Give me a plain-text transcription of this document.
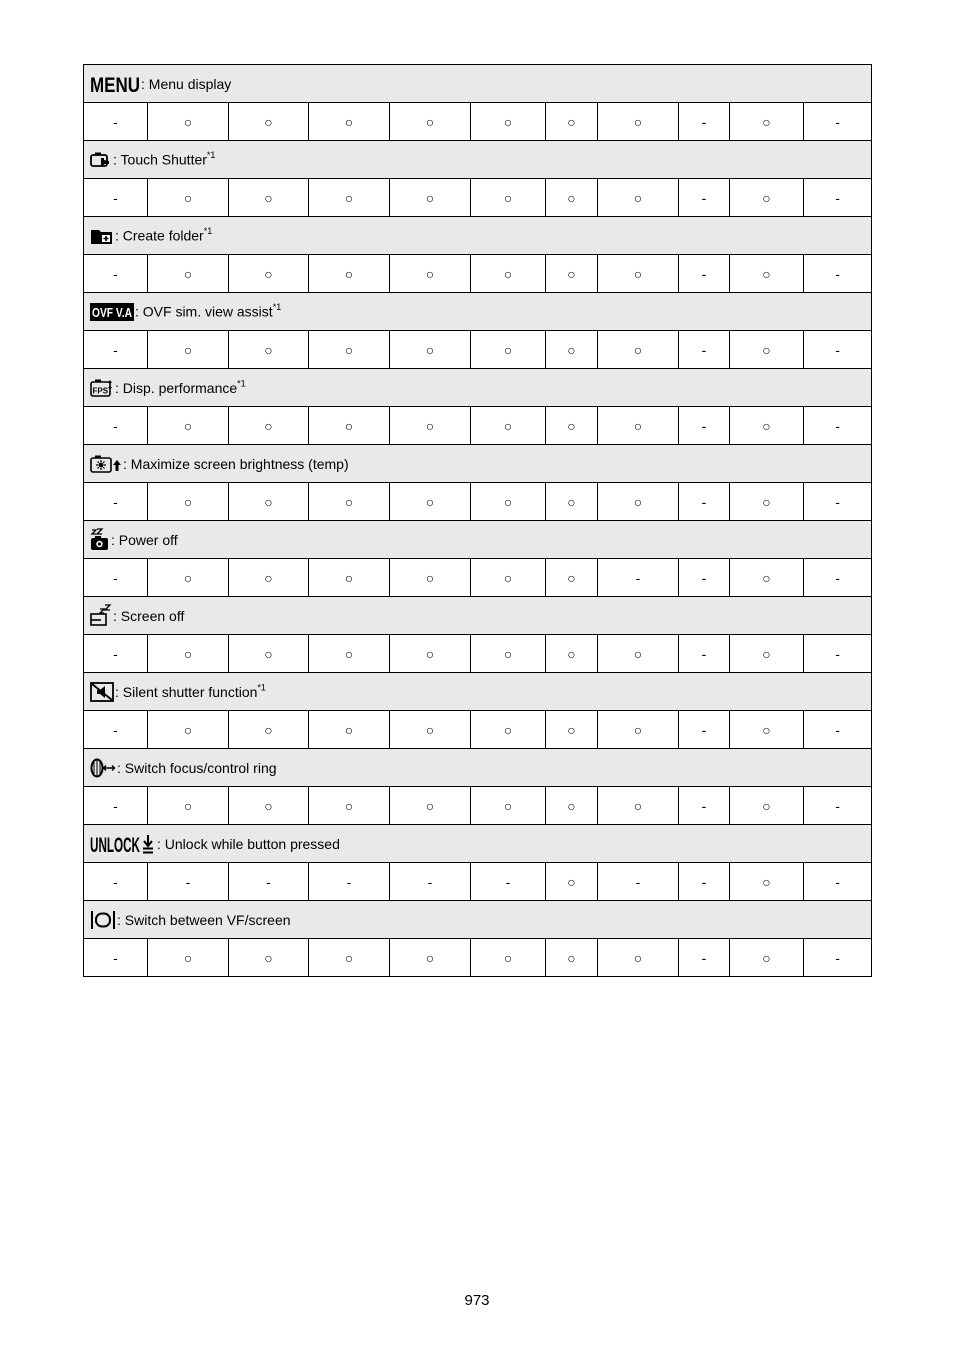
MENU : Menu display										
-	○	○	○	○	○	○	○	-	○	-

: Touch Shutter$^{*1}$
-	○	○	○	○	○	○	○	-	○	-

: Create folder$^{*1}$
-	○	○	○	○	○	○	○	-	○	-

OVF V.A : OVF sim. view assist$^{*1}$
-	○	○	○	○	○	○	○	-	○	-

FPS : Disp. performance$^{*1}$
-	○	○	○	○	○	○	○	-	○	-

: Maximize screen brightness (temp)										
-	○	○	○	○	○	○	○	-	○	-

: Power off										
-	○	○	○	○	○	○	-	-	○	-

: Screen off										
-	○	○	○	○	○	○	○	-	○	-

: Silent shutter function$^{*1}$
-	○	○	○	○	○	○	○	-	○	-

: Switch focus/control ring										
-	○	○	○	○	○	○	○	-	○	-

UNLOCK : Unlock while button pressed										
-	-	-	-	-	-	○	-	-	○	-

: Switch between VF/screen										
-	○	○	○	○	○	○	○	-	○	-
973
